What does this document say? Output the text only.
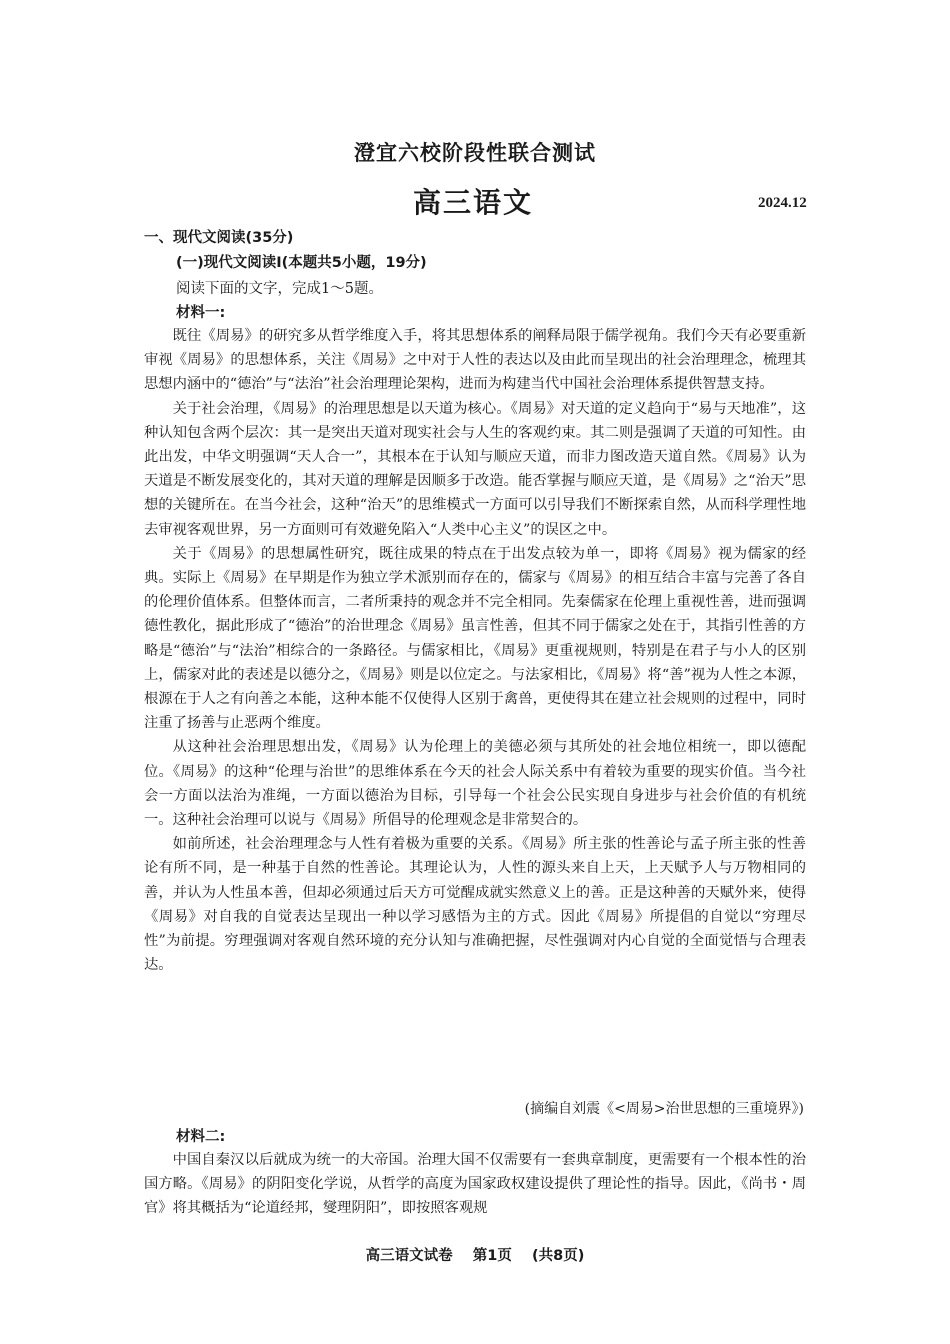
澄宜六校阶段性联合测试
高三语文	2024.12
一、现代文阅读(35分)
(一)现代文阅读I(本题共5小题，19分)
阅读下面的文字，完成1～5题。
材料一:

既往《周易》的研究多从哲学维度入手，将其思想体系的阐释局限于儒学视角。我们今天有必要重新审视《周易》的思想体系，关注《周易》之中对于人性的表达以及由此而呈现出的社会治理理念，梳理其思想内涵中的“德治”与“法治”社会治理理论架构，进而为构建当代中国社会治理体系提供智慧支持。

关于社会治理，《周易》的治理思想是以天道为核心。《周易》对天道的定义趋向于“易与天地准”，这种认知包含两个层次：其一是突出天道对现实社会与人生的客观约束。其二则是强调了天道的可知性。由此出发，中华文明强调“天人合一”，其根本在于认知与顺应天道，而非力图改造天道自然。《周易》认为天道是不断发展变化的，其对天道的理解是因顺多于改造。能否掌握与顺应天道，是《周易》之“治天”思想的关键所在。在当今社会，这种“治天”的思维模式一方面可以引导我们不断探索自然，从而科学理性地去审视客观世界，另一方面则可有效避免陷入“人类中心主义”的误区之中。

关于《周易》的思想属性研究，既往成果的特点在于出发点较为单一，即将《周易》视为儒家的经典。实际上《周易》在早期是作为独立学术派别而存在的，儒家与《周易》的相互结合丰富与完善了各自的伦理价值体系。但整体而言，二者所秉持的观念并不完全相同。先秦儒家在伦理上重视性善，进而强调德性教化，据此形成了“德治”的治世理念《周易》虽言性善，但其不同于儒家之处在于，其指引性善的方略是“德治”与“法治”相综合的一条路径。与儒家相比，《周易》更重视规则，特别是在君子与小人的区别上，儒家对此的表述是以德分之，《周易》则是以位定之。与法家相比，《周易》将“善”视为人性之本源，根源在于人之有向善之本能，这种本能不仅使得人区别于禽兽，更使得其在建立社会规则的过程中，同时注重了扬善与止恶两个维度。

从这种社会治理思想出发，《周易》认为伦理上的美德必须与其所处的社会地位相统一，即以德配位。《周易》的这种“伦理与治世”的思维体系在今天的社会人际关系中有着较为重要的现实价值。当今社会一方面以法治为准绳，一方面以德治为目标，引导每一个社会公民实现自身进步与社会价值的有机统一。这种社会治理可以说与《周易》所倡导的伦理观念是非常契合的。

如前所述，社会治理理念与人性有着极为重要的关系。《周易》所主张的性善论与孟子所主张的性善论有所不同，是一种基于自然的性善论。其理论认为，人性的源头来自上天，上天赋予人与万物相同的善，并认为人性虽本善，但却必须通过后天方可觉醒成就实然意义上的善。正是这种善的天赋外来，使得《周易》对自我的自觉表达呈现出一种以学习感悟为主的方式。因此《周易》所提倡的自觉以“穷理尽性”为前提。穷理强调对客观自然环境的充分认知与准确把握，尽性强调对内心自觉的全面觉悟与合理表达。

(摘编自刘震《<周易>治世思想的三重境界》)
材料二:

中国自秦汉以后就成为统一的大帝国。治理大国不仅需要有一套典章制度，更需要有一个根本性的治国方略。《周易》的阴阳变化学说，从哲学的高度为国家政权建设提供了理论性的指导。因此，《尚书・周官》将其概括为“论道经邦，燮理阴阳”，即按照客观规

高三语文试卷    第1页    (共8页)
